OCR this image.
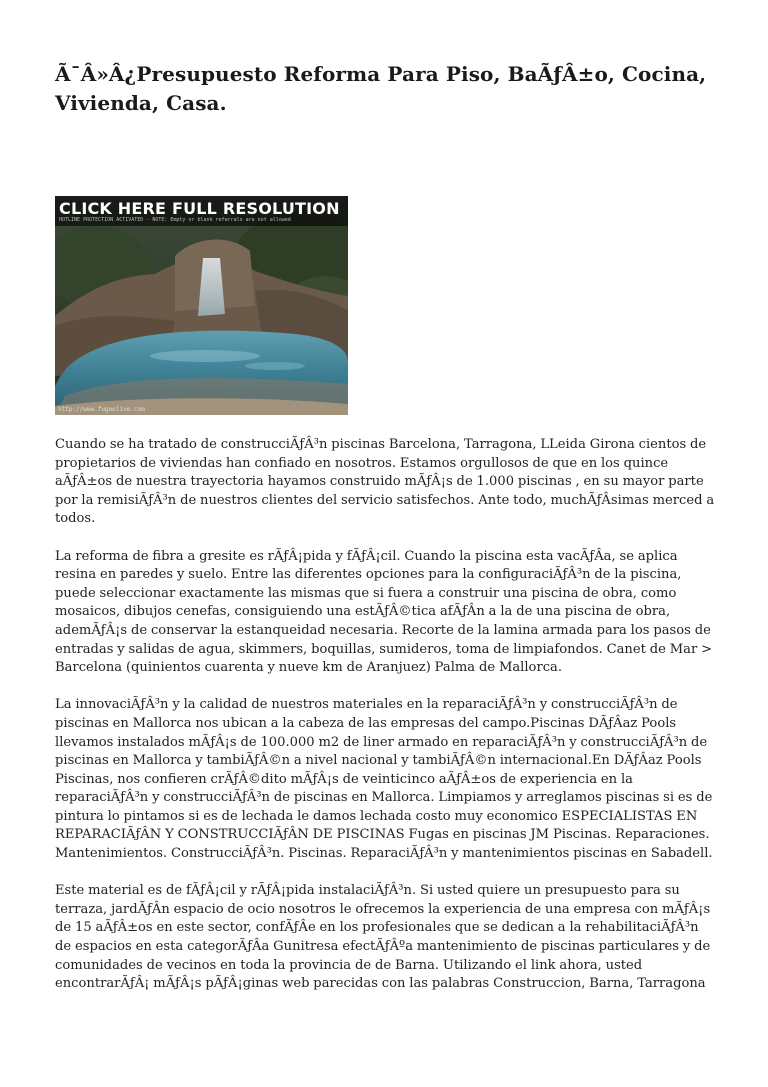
Ã¯Â»Â¿Presupuesto Reforma Para Piso, BaÃƒÂ±o, Cocina, Vivienda, Casa.
CLICK HERE FULL RESOLUTION
HOTLINE PROTECTION ACTIVATED - NOTE: Empty or blank referrals are not allowed
http://www.fugoolive.com

Cuando se ha tratado de construcciÃƒÂ³n piscinas Barcelona, Tarragona, LLeida Girona cientos de propietarios de viviendas han confiado en nosotros. Estamos orgullosos de que en los quince aÃƒÂ±os de nuestra trayectoria hayamos construido mÃƒÂ¡s de 1.000 piscinas , en su mayor parte por la remisiÃƒÂ³n de nuestros clientes del servicio satisfechos. Ante todo, muchÃƒÂsimas merced a todos.

La reforma de fibra a gresite es rÃƒÂ¡pida y fÃƒÂ¡cil. Cuando la piscina esta vacÃƒÂa, se aplica resina en paredes y suelo. Entre las diferentes opciones para la configuraciÃƒÂ³n de la piscina, puede seleccionar exactamente las mismas que si fuera a construir una piscina de obra, como mosaicos, dibujos cenefas, consiguiendo una estÃƒÂ©tica afÃƒÂn a la de una piscina de obra, ademÃƒÂ¡s de conservar la estanqueidad necesaria. Recorte de la lamina armada para los pasos de entradas y salidas de agua, skimmers, boquillas, sumideros, toma de limpiafondos. Canet de Mar > Barcelona (quinientos cuarenta y nueve km de Aranjuez) Palma de Mallorca.

La innovaciÃƒÂ³n y la calidad de nuestros materiales en la reparaciÃƒÂ³n y construcciÃƒÂ³n de piscinas en Mallorca nos ubican a la cabeza de las empresas del campo.Piscinas DÃƒÂaz Pools llevamos instalados mÃƒÂ¡s de 100.000 m2 de liner armado en reparaciÃƒÂ³n y construcciÃƒÂ³n de piscinas en Mallorca y tambiÃƒÂ©n a nivel nacional y tambiÃƒÂ©n internacional.En DÃƒÂaz Pools Piscinas, nos confieren crÃƒÂ©dito mÃƒÂ¡s de veinticinco aÃƒÂ±os de experiencia en la reparaciÃƒÂ³n y construcciÃƒÂ³n de piscinas en Mallorca. Limpiamos y arreglamos piscinas si es de pintura lo pintamos si es de lechada le damos lechada costo muy economico ESPECIALISTAS EN REPARACIÃƒÂN Y CONSTRUCCIÃƒÂN DE PISCINAS Fugas en piscinas JM Piscinas. Reparaciones. Mantenimientos. ConstrucciÃƒÂ³n. Piscinas. ReparaciÃƒÂ³n y mantenimientos piscinas en Sabadell.

Este material es de fÃƒÂ¡cil y rÃƒÂ¡pida instalaciÃƒÂ³n. Si usted quiere un presupuesto para su terraza, jardÃƒÂn espacio de ocio nosotros le ofrecemos la experiencia de una empresa con mÃƒÂ¡s de 15 aÃƒÂ±os en este sector, confÃƒÂe en los profesionales que se dedican a la rehabilitaciÃƒÂ³n de espacios en esta categorÃƒÂa Gunitresa efectÃƒÂºa mantenimiento de piscinas particulares y de comunidades de vecinos en toda la provincia de de Barna. Utilizando el link ahora, usted encontrarÃƒÂ¡ mÃƒÂ¡s pÃƒÂ¡ginas web parecidas con las palabras Construccion, Barna, Tarragona
